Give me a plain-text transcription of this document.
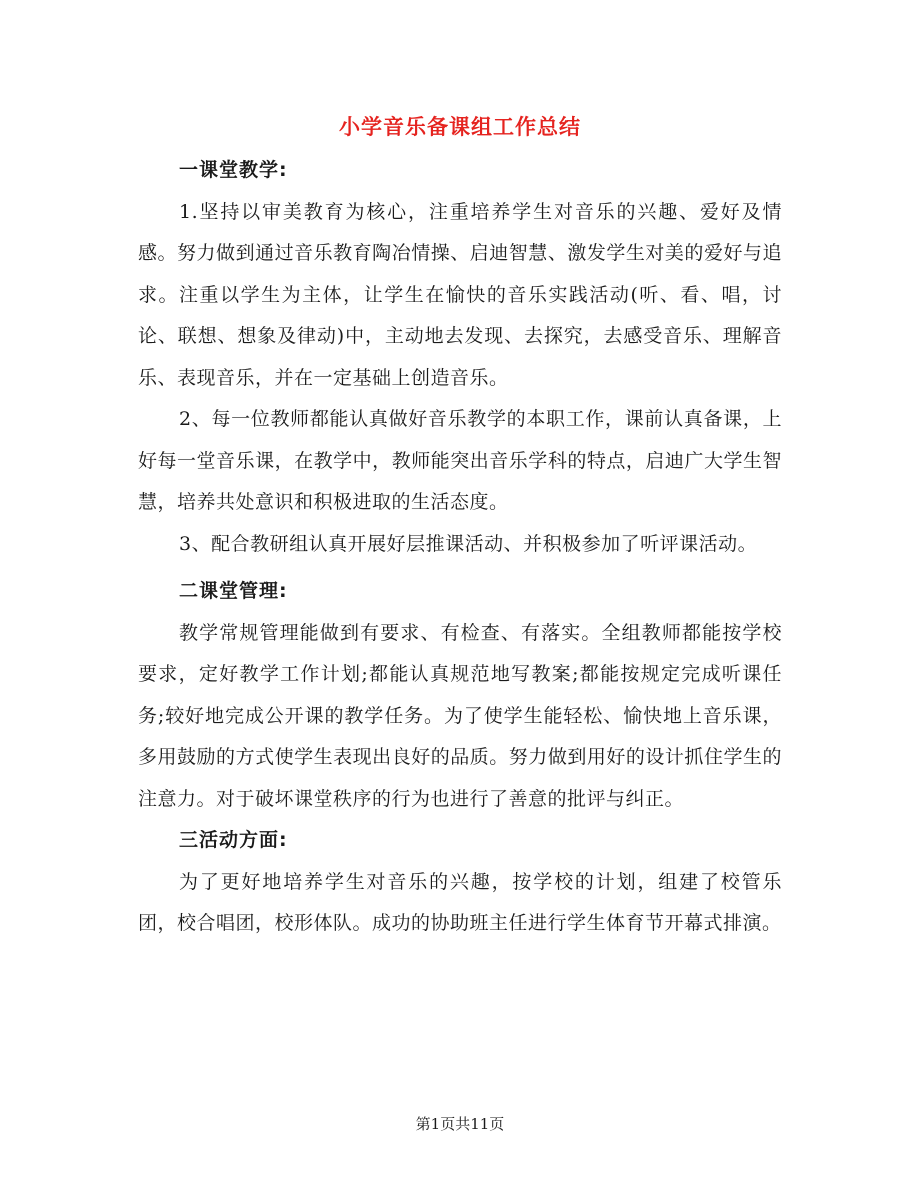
小学音乐备课组工作总结

一课堂教学:

1.坚持以审美教育为核心，注重培养学生对音乐的兴趣、爱好及情感。努力做到通过音乐教育陶冶情操、启迪智慧、激发学生对美的爱好与追求。注重以学生为主体，让学生在愉快的音乐实践活动(听、看、唱，讨论、联想、想象及律动)中，主动地去发现、去探究，去感受音乐、理解音乐、表现音乐，并在一定基础上创造音乐。

2、每一位教师都能认真做好音乐教学的本职工作，课前认真备课，上好每一堂音乐课，在教学中，教师能突出音乐学科的特点，启迪广大学生智慧，培养共处意识和积极进取的生活态度。

3、配合教研组认真开展好层推课活动、并积极参加了听评课活动。

二课堂管理:

教学常规管理能做到有要求、有检查、有落实。全组教师都能按学校要求，定好教学工作计划;都能认真规范地写教案;都能按规定完成听课任务;较好地完成公开课的教学任务。为了使学生能轻松、愉快地上音乐课，多用鼓励的方式使学生表现出良好的品质。努力做到用好的设计抓住学生的注意力。对于破坏课堂秩序的行为也进行了善意的批评与纠正。

三活动方面:

为了更好地培养学生对音乐的兴趣，按学校的计划，组建了校管乐团，校合唱团，校形体队。成功的协助班主任进行学生体育节开幕式排演。

第1页共11页
